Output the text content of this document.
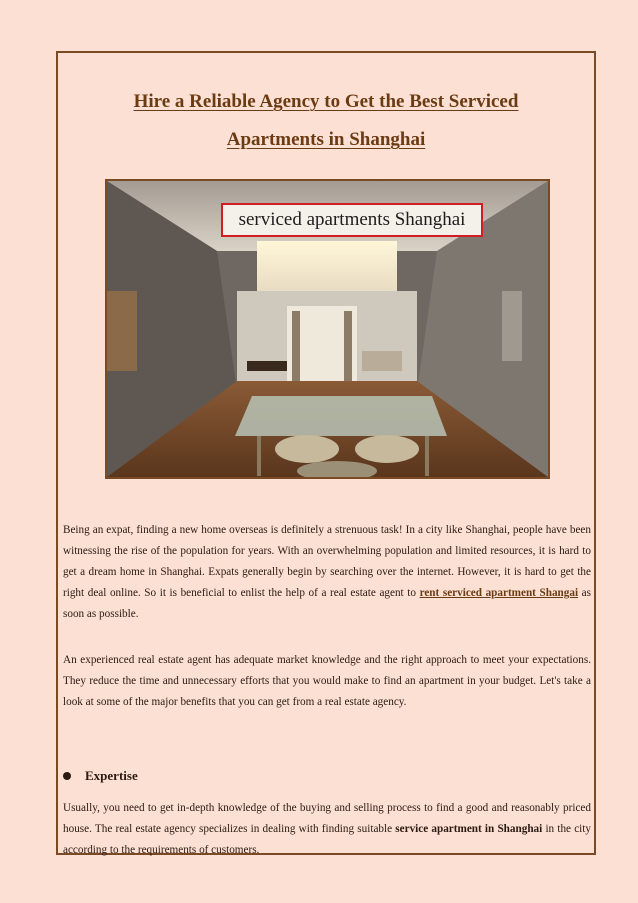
Hire a Reliable Agency to Get the Best Serviced
Apartments in Shanghai
serviced apartments Shanghai

Being an expat, finding a new home overseas is definitely a strenuous task! In a city like Shanghai, people have been witnessing the rise of the population for years. With an overwhelming population and limited resources, it is hard to get a dream home in Shanghai. Expats generally begin by searching over the internet. However, it is hard to get the right deal online. So it is beneficial to enlist the help of a real estate agent to rent serviced apartment Shangai as soon as possible.

An experienced real estate agent has adequate market knowledge and the right approach to meet your expectations. They reduce the time and unnecessary efforts that you would make to find an apartment in your budget. Let's take a look at some of the major benefits that you can get from a real estate agency.

Expertise

Usually, you need to get in-depth knowledge of the buying and selling process to find a good and reasonably priced house. The real estate agency specializes in dealing with finding suitable service apartment in Shanghai in the city according to the requirements of customers.
